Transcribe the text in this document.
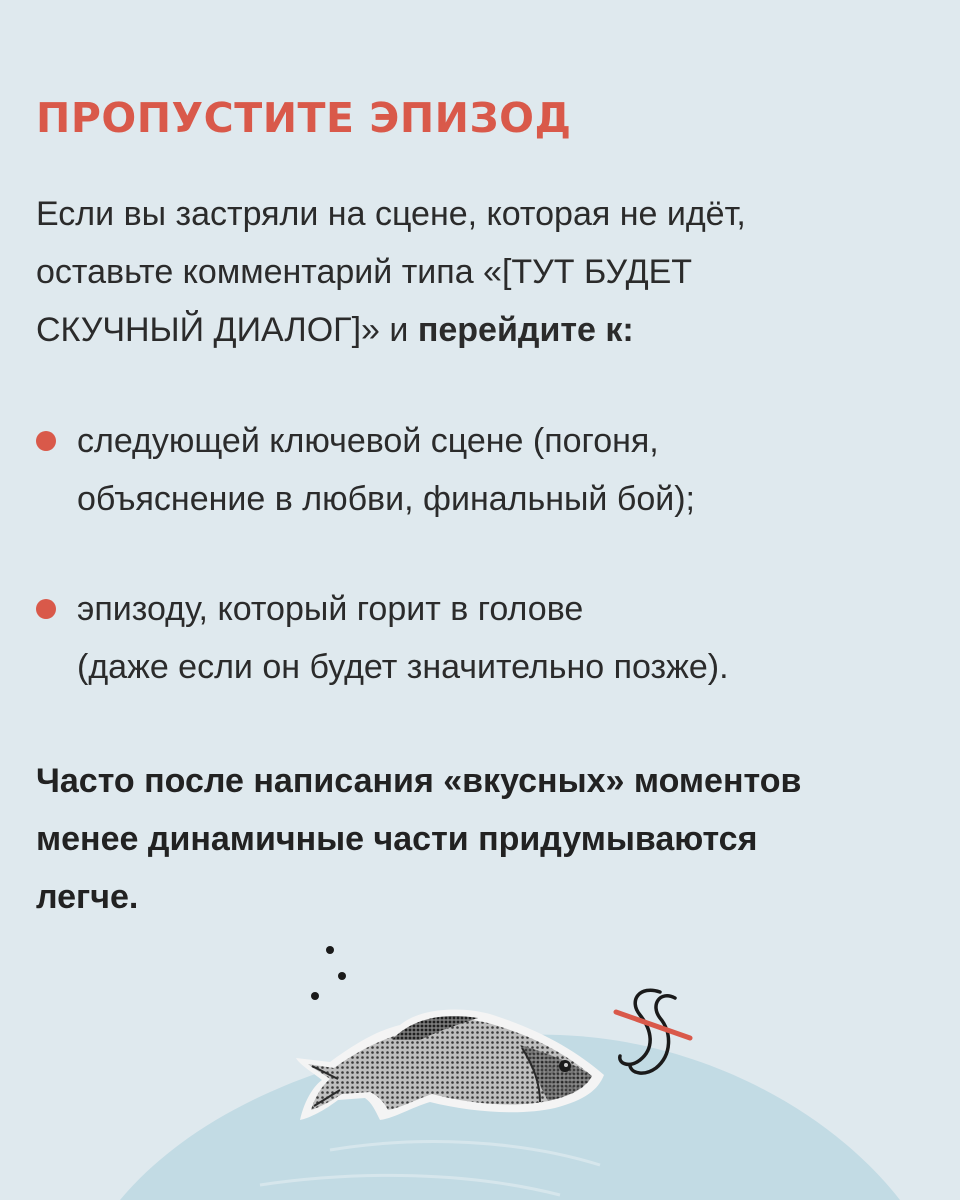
ПРОПУСТИТЕ ЭПИЗОД

Если вы застряли на сцене, которая не идёт,
оставьте комментарий типа «[ТУТ БУДЕТ
СКУЧНЫЙ ДИАЛОГ]» и перейдите к:

следующей ключевой сцене (погоня,
объяснение в любви, финальный бой);

эпизоду, который горит в голове
(даже если он будет значительно позже).

Часто после написания «вкусных» моментов
менее динамичные части придумываются
легче.
